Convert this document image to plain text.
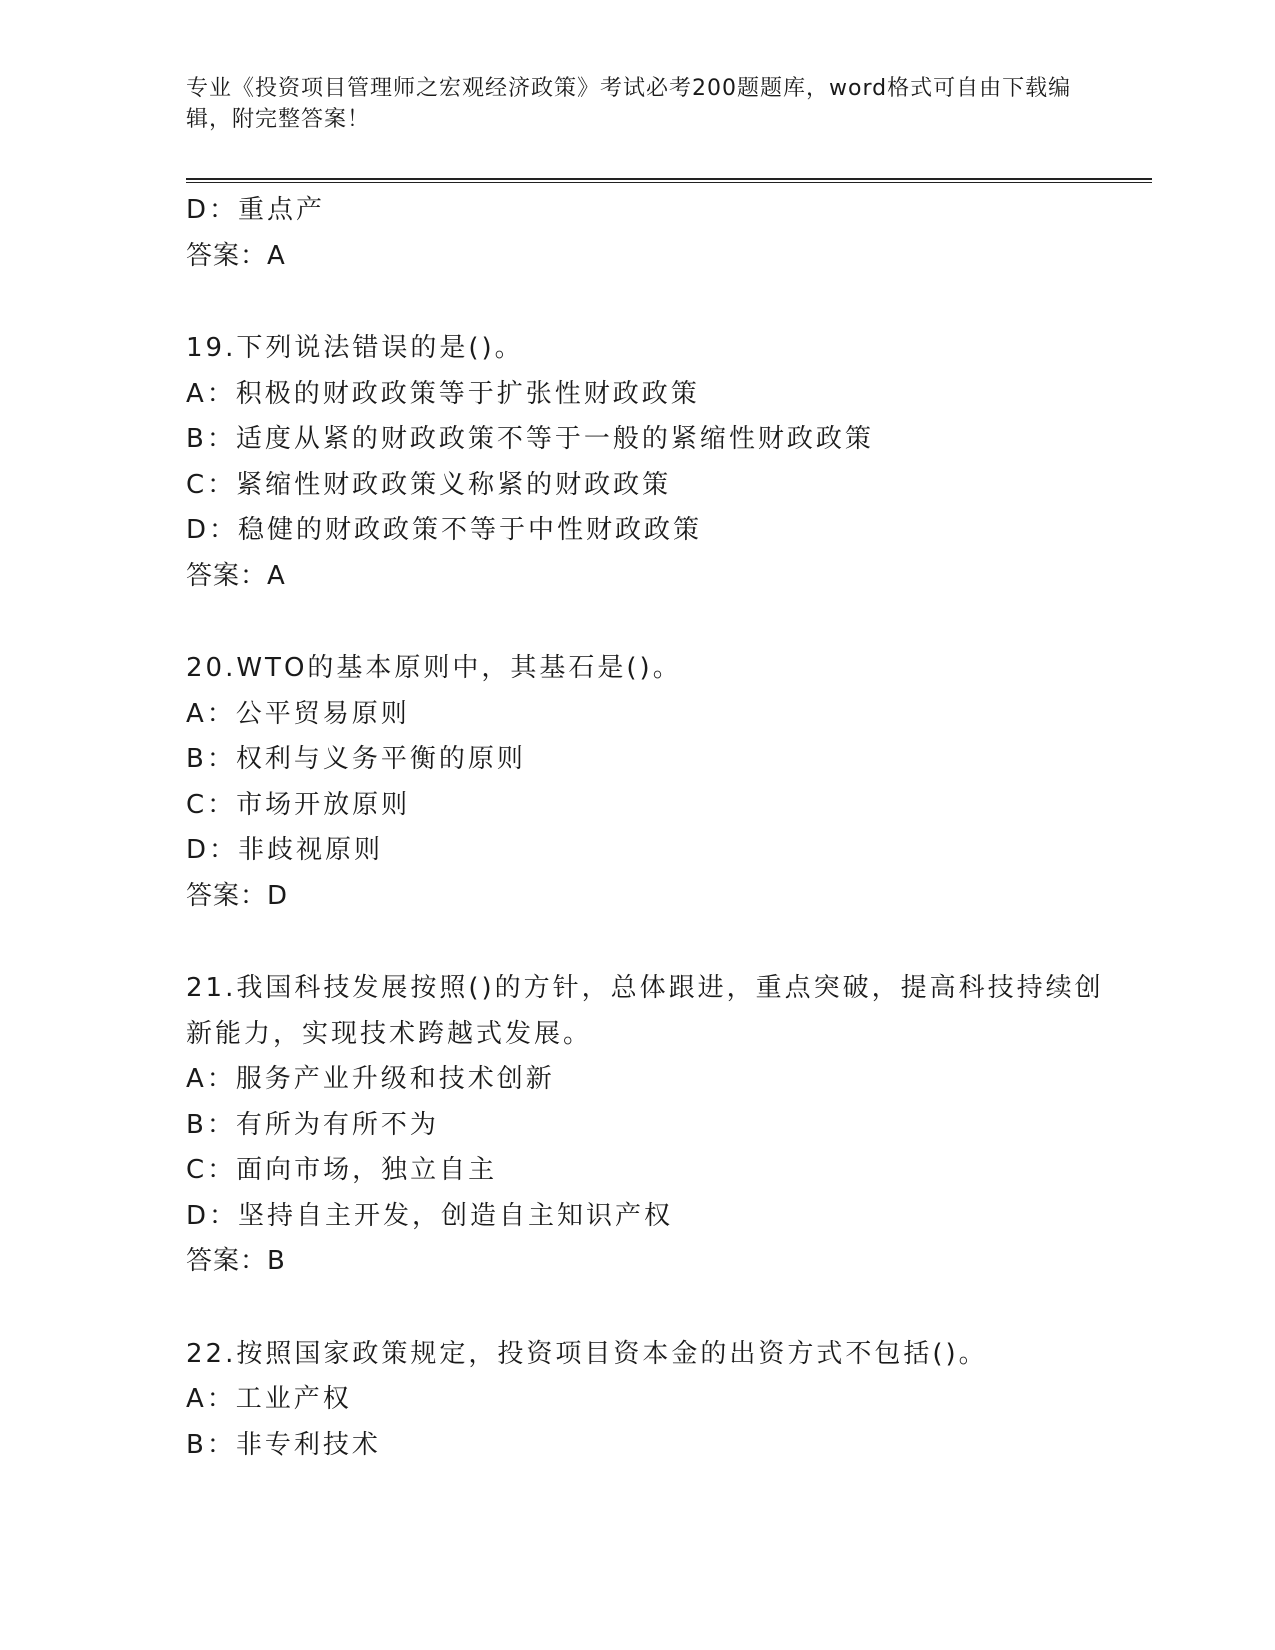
专业《投资项目管理师之宏观经济政策》考试必考200题题库，word格式可自由下载编辑，附完整答案！
D：重点产
答案：A
19.下列说法错误的是()。
A：积极的财政政策等于扩张性财政政策
B：适度从紧的财政政策不等于一般的紧缩性财政政策
C：紧缩性财政政策义称紧的财政政策
D：稳健的财政政策不等于中性财政政策
答案：A
20.WTO的基本原则中，其基石是()。
A：公平贸易原则
B：权利与义务平衡的原则
C：市场开放原则
D：非歧视原则
答案：D
21.我国科技发展按照()的方针，总体跟进，重点突破，提高科技持续创新能力，实现技术跨越式发展。
A：服务产业升级和技术创新
B：有所为有所不为
C：面向市场，独立自主
D：坚持自主开发，创造自主知识产权
答案：B
22.按照国家政策规定，投资项目资本金的出资方式不包括()。
A：工业产权
B：非专利技术
